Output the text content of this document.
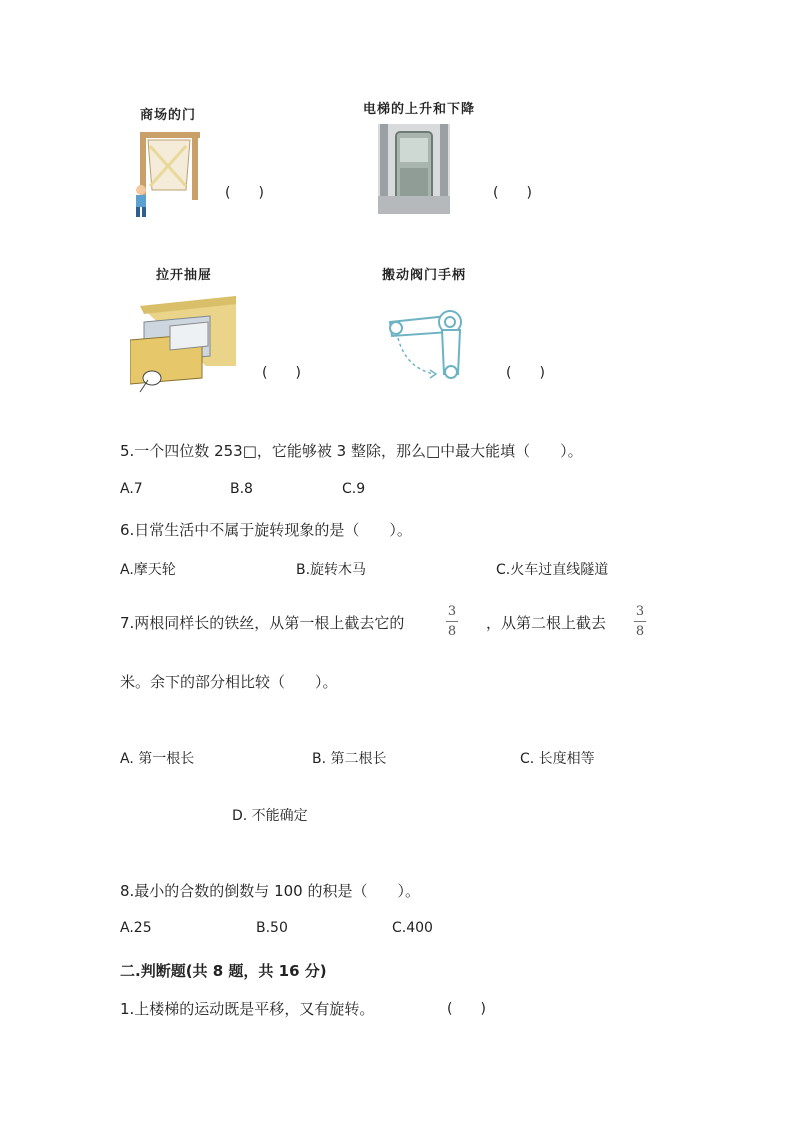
商场的门
(　　)
电梯的上升和下降
(　　)
拉开抽屉
(　　)
搬动阀门手柄
(　　)
5.一个四位数 253□，它能够被 3 整除，那么□中最大能填（　　）。
A.7	B.8	C.9
6.日常生活中不属于旋转现象的是（　　）。
A.摩天轮	B.旋转木马	C.火车过直线隧道
7.两根同样长的铁丝，从第一根上截去它的
3
8 ，从第二根上截去
3
8
米。余下的部分相比较（　　）。
A. 第一根长	B. 第二根长	C. 长度相等
D. 不能确定
8.最小的合数的倒数与 100 的积是（　　）。
A.25	B.50	C.400
二.判断题(共 8 题，共 16 分)
1.上楼梯的运动既是平移，又有旋转。	(　　)
